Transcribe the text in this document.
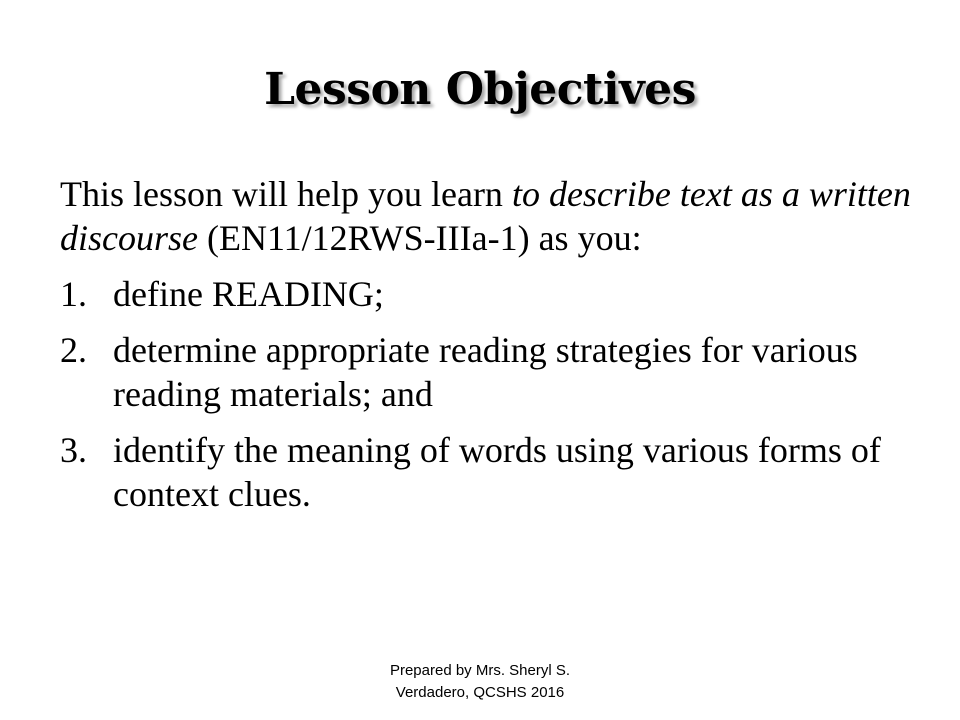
Lesson Objectives

This lesson will help you learn to describe text as a written discourse (EN11/12RWS-IIIa-1) as you:

1. define READING;
2. determine appropriate reading strategies for various reading materials; and
3. identify the meaning of words using various forms of context clues.
Prepared by Mrs. Sheryl S.
Verdadero, QCSHS 2016
